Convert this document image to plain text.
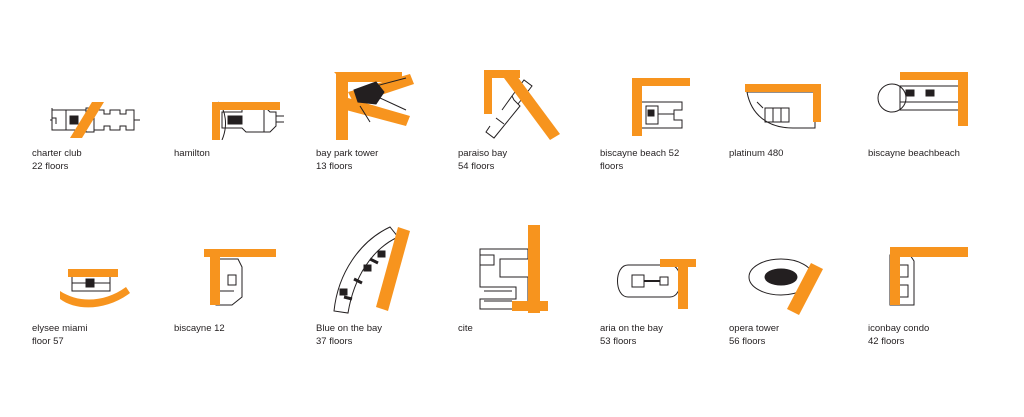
charter club
22 floors
hamilton	bay park tower
13 floors
paraiso bay
54 floors
biscayne beach 52
floors
platinum 480	biscayne beachbeach
elysee miami
floor 57
biscayne 12	Blue on the bay
37 floors
cite	aria on the bay
53 floors
opera tower
56 floors
iconbay condo
42 floors
